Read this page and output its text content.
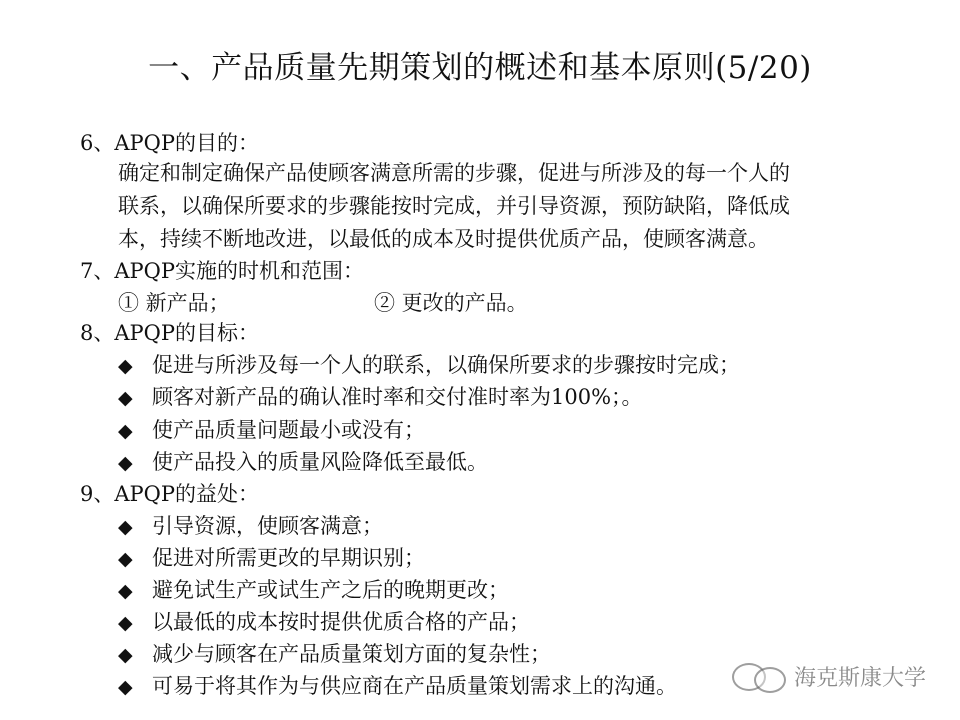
一、产品质量先期策划的概述和基本原则(5/20)
6、APQP的目的：
确定和制定确保产品使顾客满意所需的步骤，促进与所涉及的每一个人的
联系，以确保所要求的步骤能按时完成，并引导资源，预防缺陷，降低成
本，持续不断地改进，以最低的成本及时提供优质产品，使顾客满意。
7、APQP实施的时机和范围：
① 新产品；	② 更改的产品。
8、APQP的目标：
◆ 促进与所涉及每一个人的联系，以确保所要求的步骤按时完成；
◆ 顾客对新产品的确认准时率和交付准时率为100%；。
◆ 使产品质量问题最小或没有；
◆ 使产品投入的质量风险降低至最低。
9、APQP的益处：
◆ 引导资源，使顾客满意；
◆ 促进对所需更改的早期识别；
◆ 避免试生产或试生产之后的晚期更改；
◆ 以最低的成本按时提供优质合格的产品；
◆ 减少与顾客在产品质量策划方面的复杂性；
◆ 可易于将其作为与供应商在产品质量策划需求上的沟通。	海克斯康大学
